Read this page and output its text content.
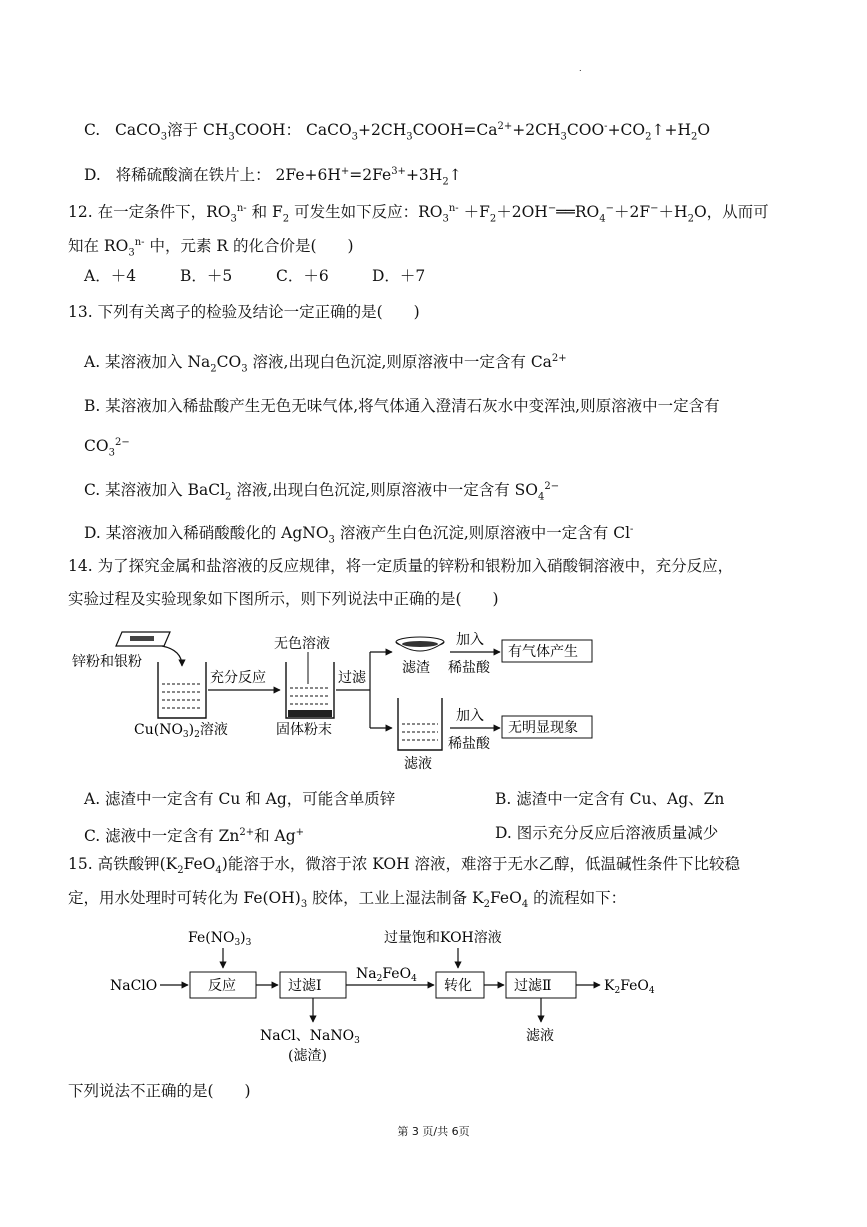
.
C. CaCO$_3$溶于 $CH_3COOH$： $CaCO_3+2CH_3COOH=Ca^{2+}+2CH_3COO^-+CO_2↑+H_2O$
D. 将稀硫酸滴在铁片上： $2Fe+6H^+=2Fe^{3+}+3H_2↑$
12. 在一定条件下，$RO_3^{n-}$ 和 $F_2$ 可发生如下反应：$RO_3^{n-}$ $+F_2+2OH^-══RO_4^-+2F^-+H_2O$，从而可
知在 $RO_3^{n-}$ 中，元素 R 的化合价是(　　)
A．＋4	B．＋5	C．＋6	D．＋7
13. 下列有关离子的检验及结论一定正确的是(　　)
A. 某溶液加入 $Na_2CO_3$ 溶液,出现白色沉淀,则原溶液中一定含有 $Ca^{2+}$
B. 某溶液加入稀盐酸产生无色无味气体,将气体通入澄清石灰水中变浑浊,则原溶液中一定含有
$CO_3^{2-}$
C. 某溶液加入 BaCl$_2$ 溶液,出现白色沉淀,则原溶液中一定含有 $SO_4^{2-}$
D. 某溶液加入稀硝酸酸化的 AgNO$_3$ 溶液产生白色沉淀,则原溶液中一定含有 Cl-
14. 为了探究金属和盐溶液的反应规律，将一定质量的锌粉和银粉加入硝酸铜溶液中，充分反应，
实验过程及实验现象如下图所示，则下列说法中正确的是(　　)
锌粉和银粉
$Cu(NO_3)_2$溶液
充分反应
无色溶液
固体粉末
过滤
滤渣
加入
稀盐酸
有气体产生
滤液
加入
稀盐酸
无明显现象
A. 滤渣中一定含有 Cu 和 Ag，可能含单质锌	B. 滤渣中一定含有 Cu、Ag、Zn
C. 滤液中一定含有 $Zn^{2+}$和 Ag+	D. 图示充分反应后溶液质量减少
15. 高铁酸钾$(K_2FeO_4)$能溶于水，微溶于浓 KOH 溶液，难溶于无水乙醇，低温碱性条件下比较稳
定，用水处理时可转化为 $Fe(OH)_3$ 胶体，工业上湿法制备 $K_2FeO_4$ 的流程如下：
$Fe(NO_3)_3$
NaClO	反应	过滤Ⅰ
NaCl、NaNO$_3$
(滤渣)
$Na_2FeO_4$
过量饱和KOH溶液
转化	过滤Ⅱ
滤液
$K_2FeO_4$
下列说法不正确的是(　　)
第 3 页/共 6页
